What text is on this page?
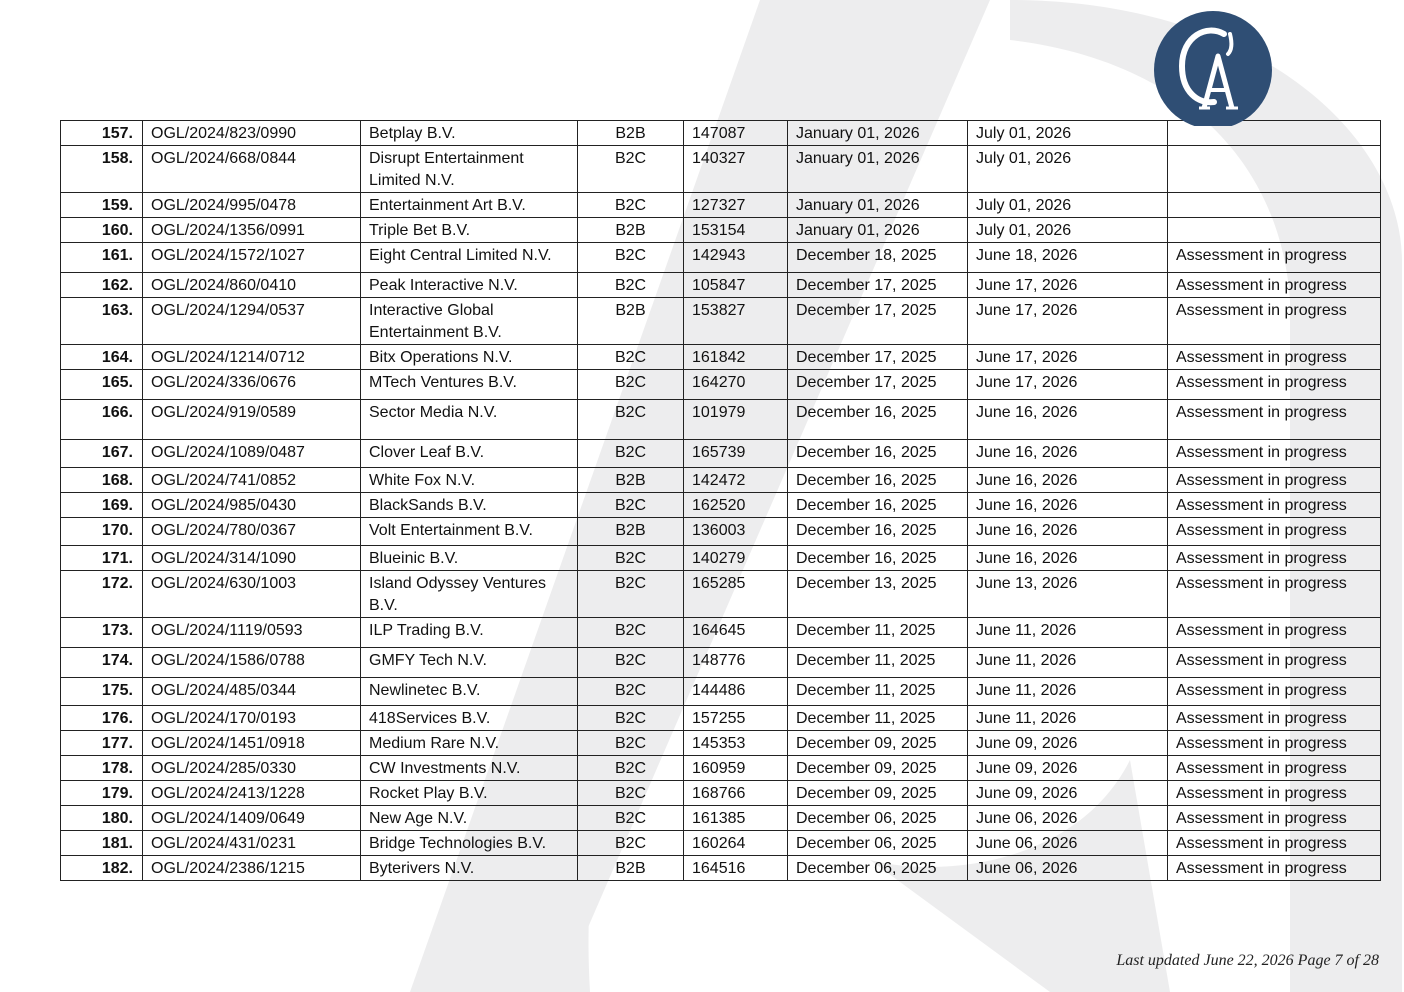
157.	OGL/2024/823/0990	Betplay B.V.	B2B	147087	January 01, 2026	July 01, 2026	
158.	OGL/2024/668/0844	Disrupt Entertainment Limited N.V.	B2C	140327	January 01, 2026	July 01, 2026	
159.	OGL/2024/995/0478	Entertainment Art B.V.	B2C	127327	January 01, 2026	July 01, 2026	
160.	OGL/2024/1356/0991	Triple Bet B.V.	B2B	153154	January 01, 2026	July 01, 2026	
161.	OGL/2024/1572/1027	Eight Central Limited N.V.	B2C	142943	December 18, 2025	June 18, 2026	Assessment in progress
162.	OGL/2024/860/0410	Peak Interactive N.V.	B2C	105847	December 17, 2025	June 17, 2026	Assessment in progress
163.	OGL/2024/1294/0537	Interactive Global Entertainment B.V.	B2B	153827	December 17, 2025	June 17, 2026	Assessment in progress
164.	OGL/2024/1214/0712	Bitx Operations N.V.	B2C	161842	December 17, 2025	June 17, 2026	Assessment in progress
165.	OGL/2024/336/0676	MTech Ventures B.V.	B2C	164270	December 17, 2025	June 17, 2026	Assessment in progress
166.	OGL/2024/919/0589	Sector Media N.V.	B2C	101979	December 16, 2025	June 16, 2026	Assessment in progress
167.	OGL/2024/1089/0487	Clover Leaf B.V.	B2C	165739	December 16, 2025	June 16, 2026	Assessment in progress
168.	OGL/2024/741/0852	White Fox N.V.	B2B	142472	December 16, 2025	June 16, 2026	Assessment in progress
169.	OGL/2024/985/0430	BlackSands B.V.	B2C	162520	December 16, 2025	June 16, 2026	Assessment in progress
170.	OGL/2024/780/0367	Volt Entertainment B.V.	B2B	136003	December 16, 2025	June 16, 2026	Assessment in progress
171.	OGL/2024/314/1090	Blueinic B.V.	B2C	140279	December 16, 2025	June 16, 2026	Assessment in progress
172.	OGL/2024/630/1003	Island Odyssey Ventures B.V.	B2C	165285	December 13, 2025	June 13, 2026	Assessment in progress
173.	OGL/2024/1119/0593	ILP Trading B.V.	B2C	164645	December 11, 2025	June 11, 2026	Assessment in progress
174.	OGL/2024/1586/0788	GMFY Tech N.V.	B2C	148776	December 11, 2025	June 11, 2026	Assessment in progress
175.	OGL/2024/485/0344	Newlinetec B.V.	B2C	144486	December 11, 2025	June 11, 2026	Assessment in progress
176.	OGL/2024/170/0193	418Services B.V.	B2C	157255	December 11, 2025	June 11, 2026	Assessment in progress
177.	OGL/2024/1451/0918	Medium Rare N.V.	B2C	145353	December 09, 2025	June 09, 2026	Assessment in progress
178.	OGL/2024/285/0330	CW Investments N.V.	B2C	160959	December 09, 2025	June 09, 2026	Assessment in progress
179.	OGL/2024/2413/1228	Rocket Play B.V.	B2C	168766	December 09, 2025	June 09, 2026	Assessment in progress
180.	OGL/2024/1409/0649	New Age N.V.	B2C	161385	December 06, 2025	June 06, 2026	Assessment in progress
181.	OGL/2024/431/0231	Bridge Technologies B.V.	B2C	160264	December 06, 2025	June 06, 2026	Assessment in progress
182.	OGL/2024/2386/1215	Byterivers N.V.	B2B	164516	December 06, 2025	June 06, 2026	Assessment in progress
Last updated June 22, 2026 Page 7 of 28
